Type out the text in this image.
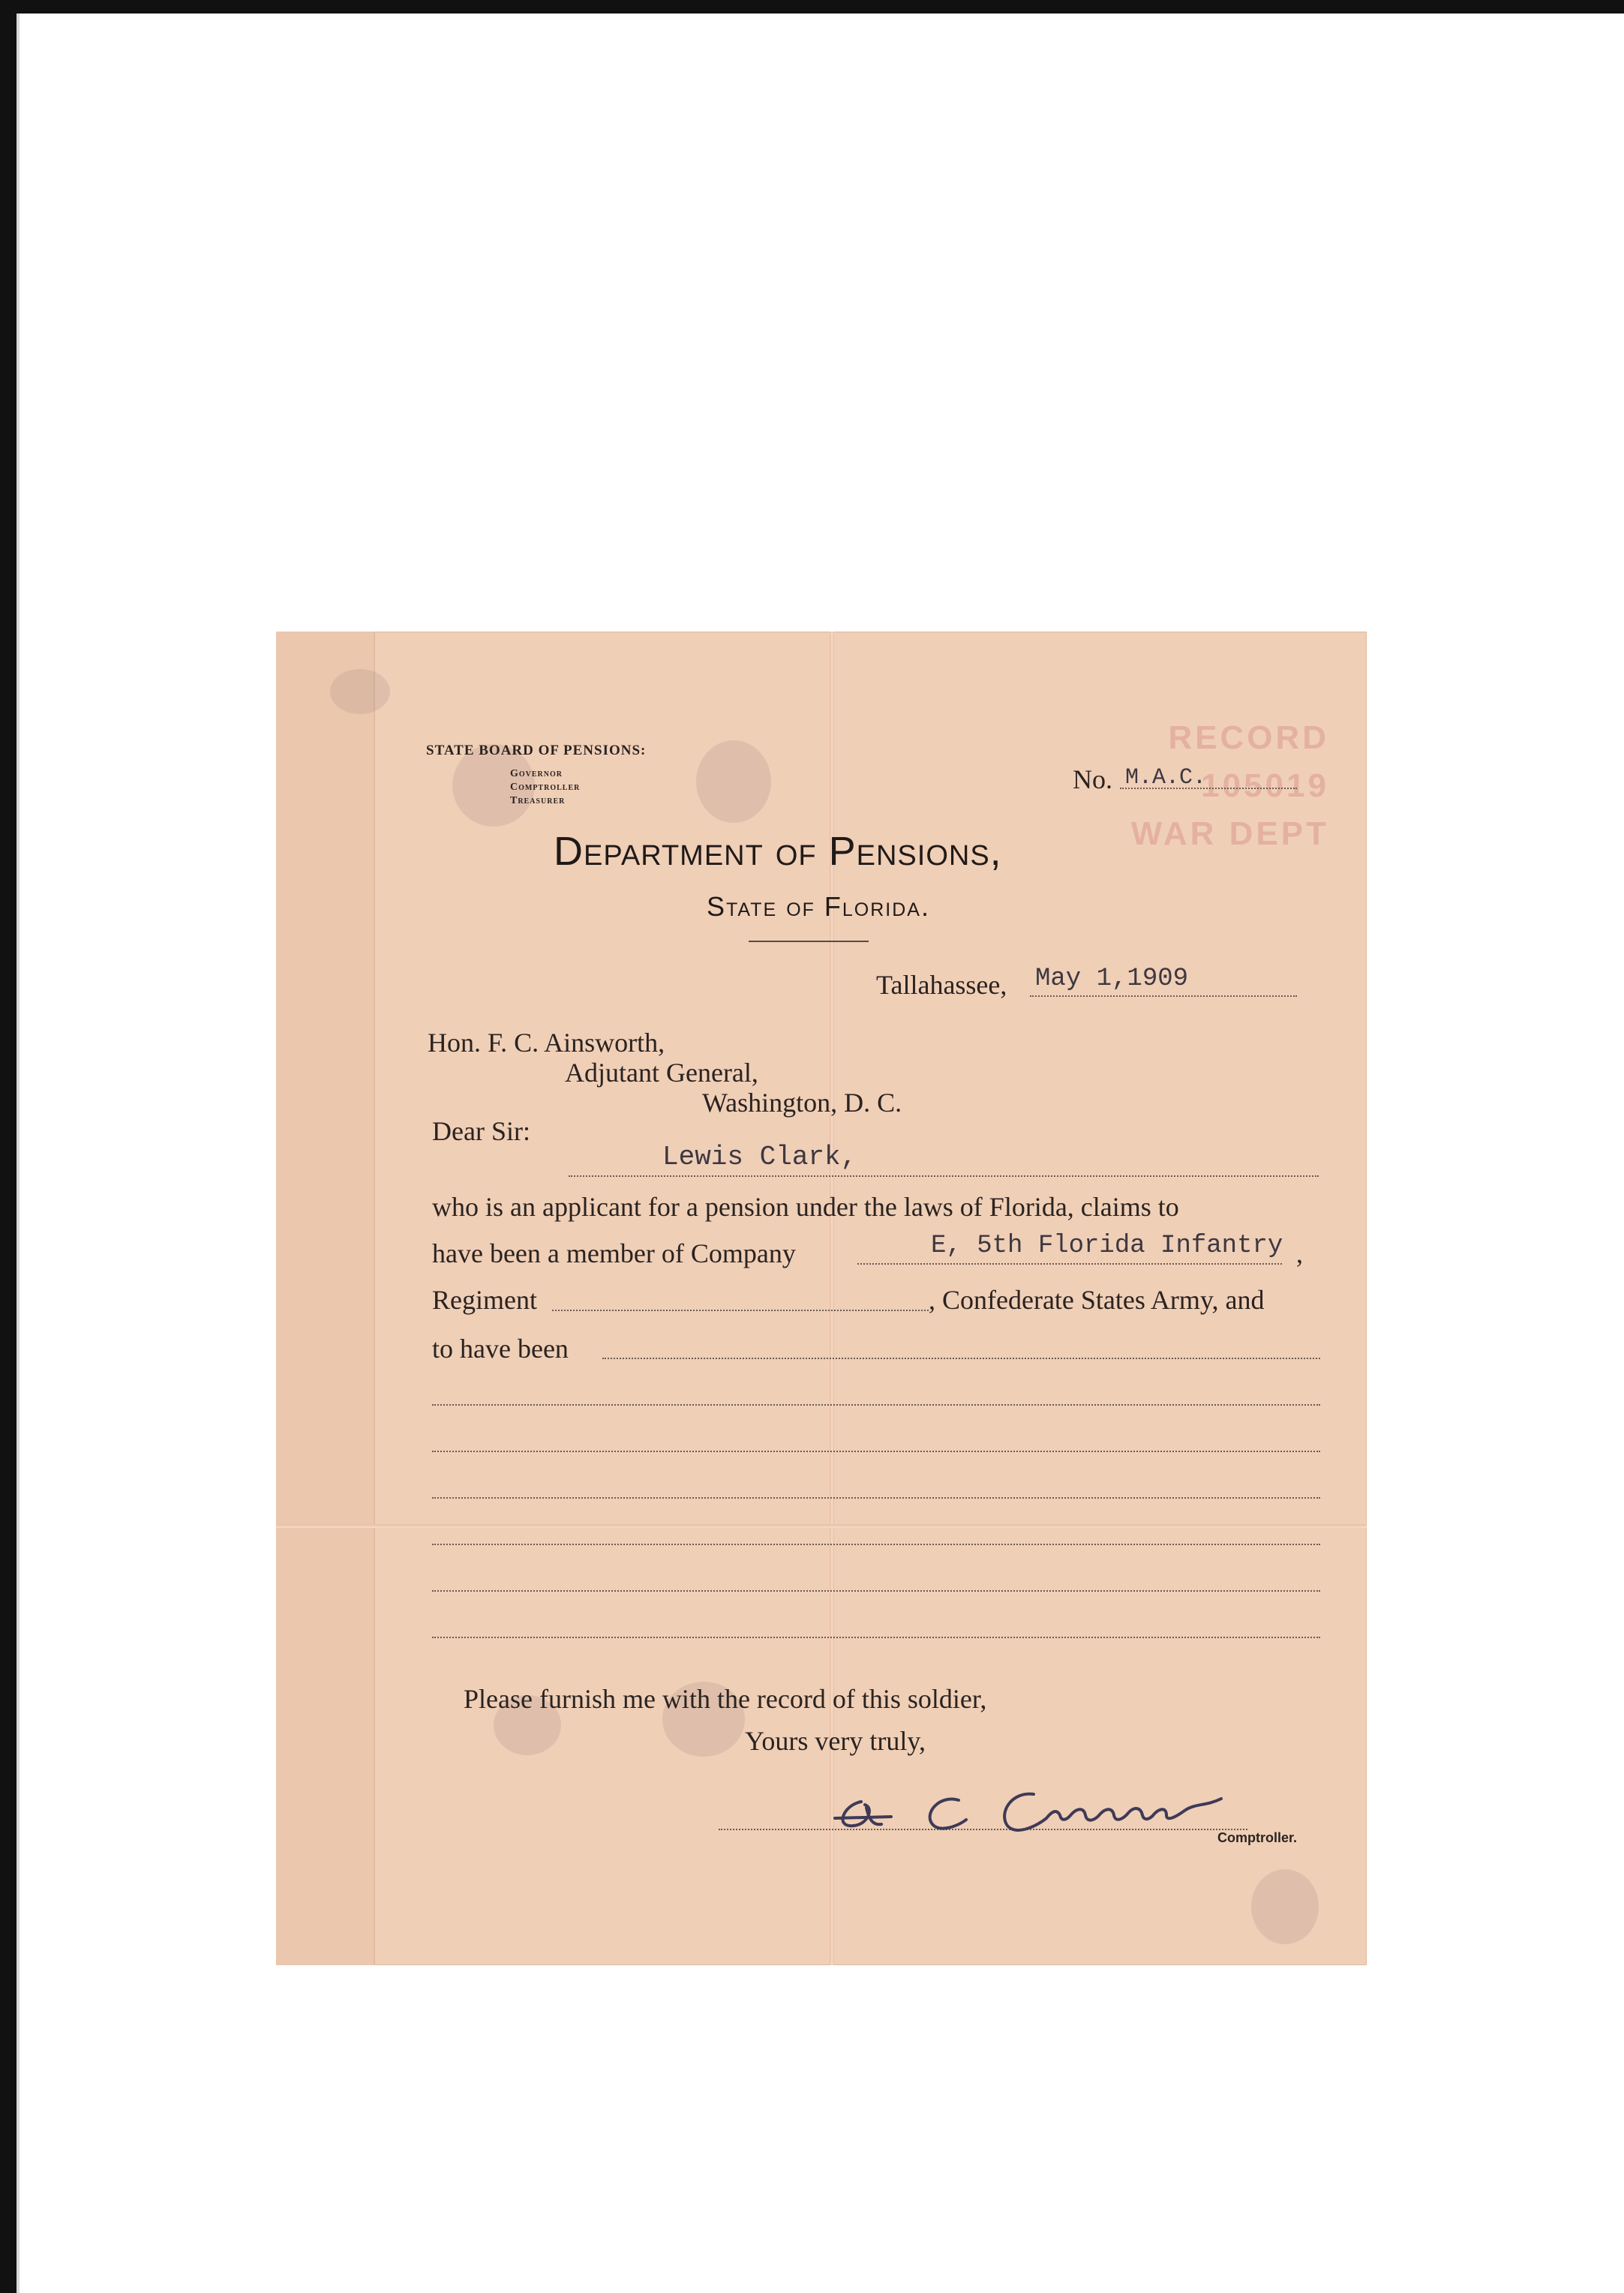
RECORD
105019
WAR DEPT
STATE BOARD OF PENSIONS:
Governor
Comptroller
Treasurer
No. M.A.C.
Department of Pensions,
State of Florida.
Tallahassee, May 1,1909
Hon. F. C. Ainsworth,
Adjutant General,
Washington, D. C.
Dear Sir:
Lewis Clark,
who is an applicant for a pension under the laws of Florida, claims to
have been a member of Company	E, 5th Florida Infantry ,
Regiment	, Confederate States Army, and
to have been
Please furnish me with the record of this soldier,
Yours very truly,
Comptroller.
